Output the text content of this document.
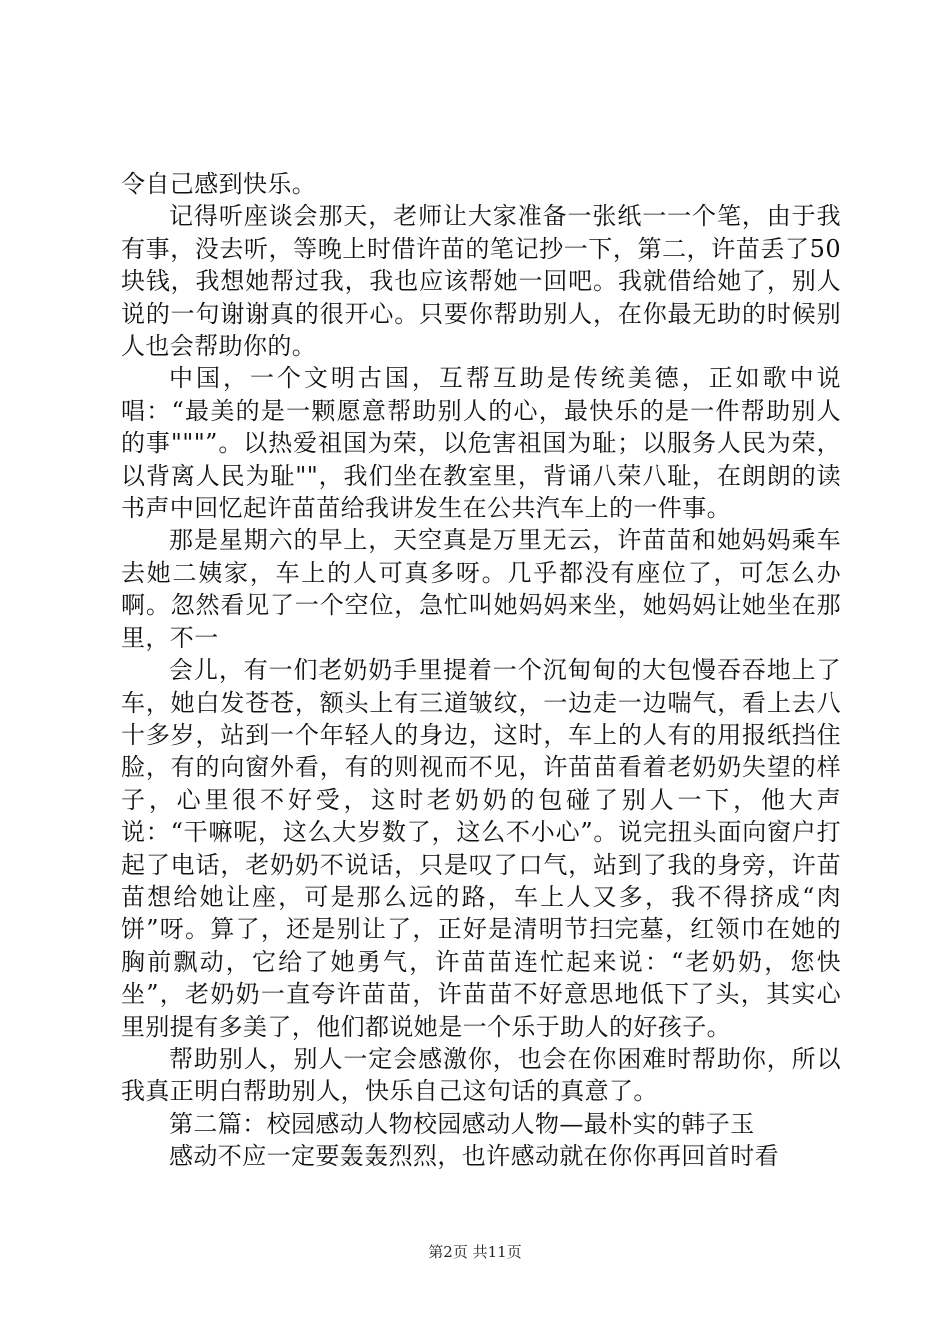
令自己感到快乐。

记得听座谈会那天，老师让大家准备一张纸一一个笔，由于我有事，没去听，等晚上时借许苗的笔记抄一下，第二，许苗丢了50块钱，我想她帮过我，我也应该帮她一回吧。我就借给她了，别人说的一句谢谢真的很开心。只要你帮助别人，在你最无助的时候别人也会帮助你的。

中国，一个文明古国，互帮互助是传统美德，正如歌中说唱：“最美的是一颗愿意帮助别人的心，最快乐的是一件帮助别人的事"""”。以热爱祖国为荣，以危害祖国为耻；以服务人民为荣，以背离人民为耻""，我们坐在教室里，背诵八荣八耻，在朗朗的读书声中回忆起许苗苗给我讲发生在公共汽车上的一件事。

那是星期六的早上，天空真是万里无云，许苗苗和她妈妈乘车去她二姨家，车上的人可真多呀。几乎都没有座位了，可怎么办啊。忽然看见了一个空位，急忙叫她妈妈来坐，她妈妈让她坐在那里，不一

会儿，有一们老奶奶手里提着一个沉甸甸的大包慢吞吞地上了车，她白发苍苍，额头上有三道皱纹，一边走一边喘气，看上去八十多岁，站到一个年轻人的身边，这时，车上的人有的用报纸挡住脸，有的向窗外看，有的则视而不见，许苗苗看着老奶奶失望的样子，心里很不好受，这时老奶奶的包碰了别人一下，他大声说：“干嘛呢，这么大岁数了，这么不小心”。说完扭头面向窗户打起了电话，老奶奶不说话，只是叹了口气，站到了我的身旁，许苗苗想给她让座，可是那么远的路，车上人又多，我不得挤成“肉饼”呀。算了，还是别让了，正好是清明节扫完墓，红领巾在她的胸前飘动，它给了她勇气，许苗苗连忙起来说：“老奶奶，您快坐”，老奶奶一直夸许苗苗，许苗苗不好意思地低下了头，其实心里别提有多美了，他们都说她是一个乐于助人的好孩子。

帮助别人，别人一定会感激你，也会在你困难时帮助你，所以我真正明白帮助别人，快乐自己这句话的真意了。

第二篇：校园感动人物校园感动人物—最朴实的韩子玉

感动不应一定要轰轰烈烈，也许感动就在你你再回首时看

第2页 共11页
